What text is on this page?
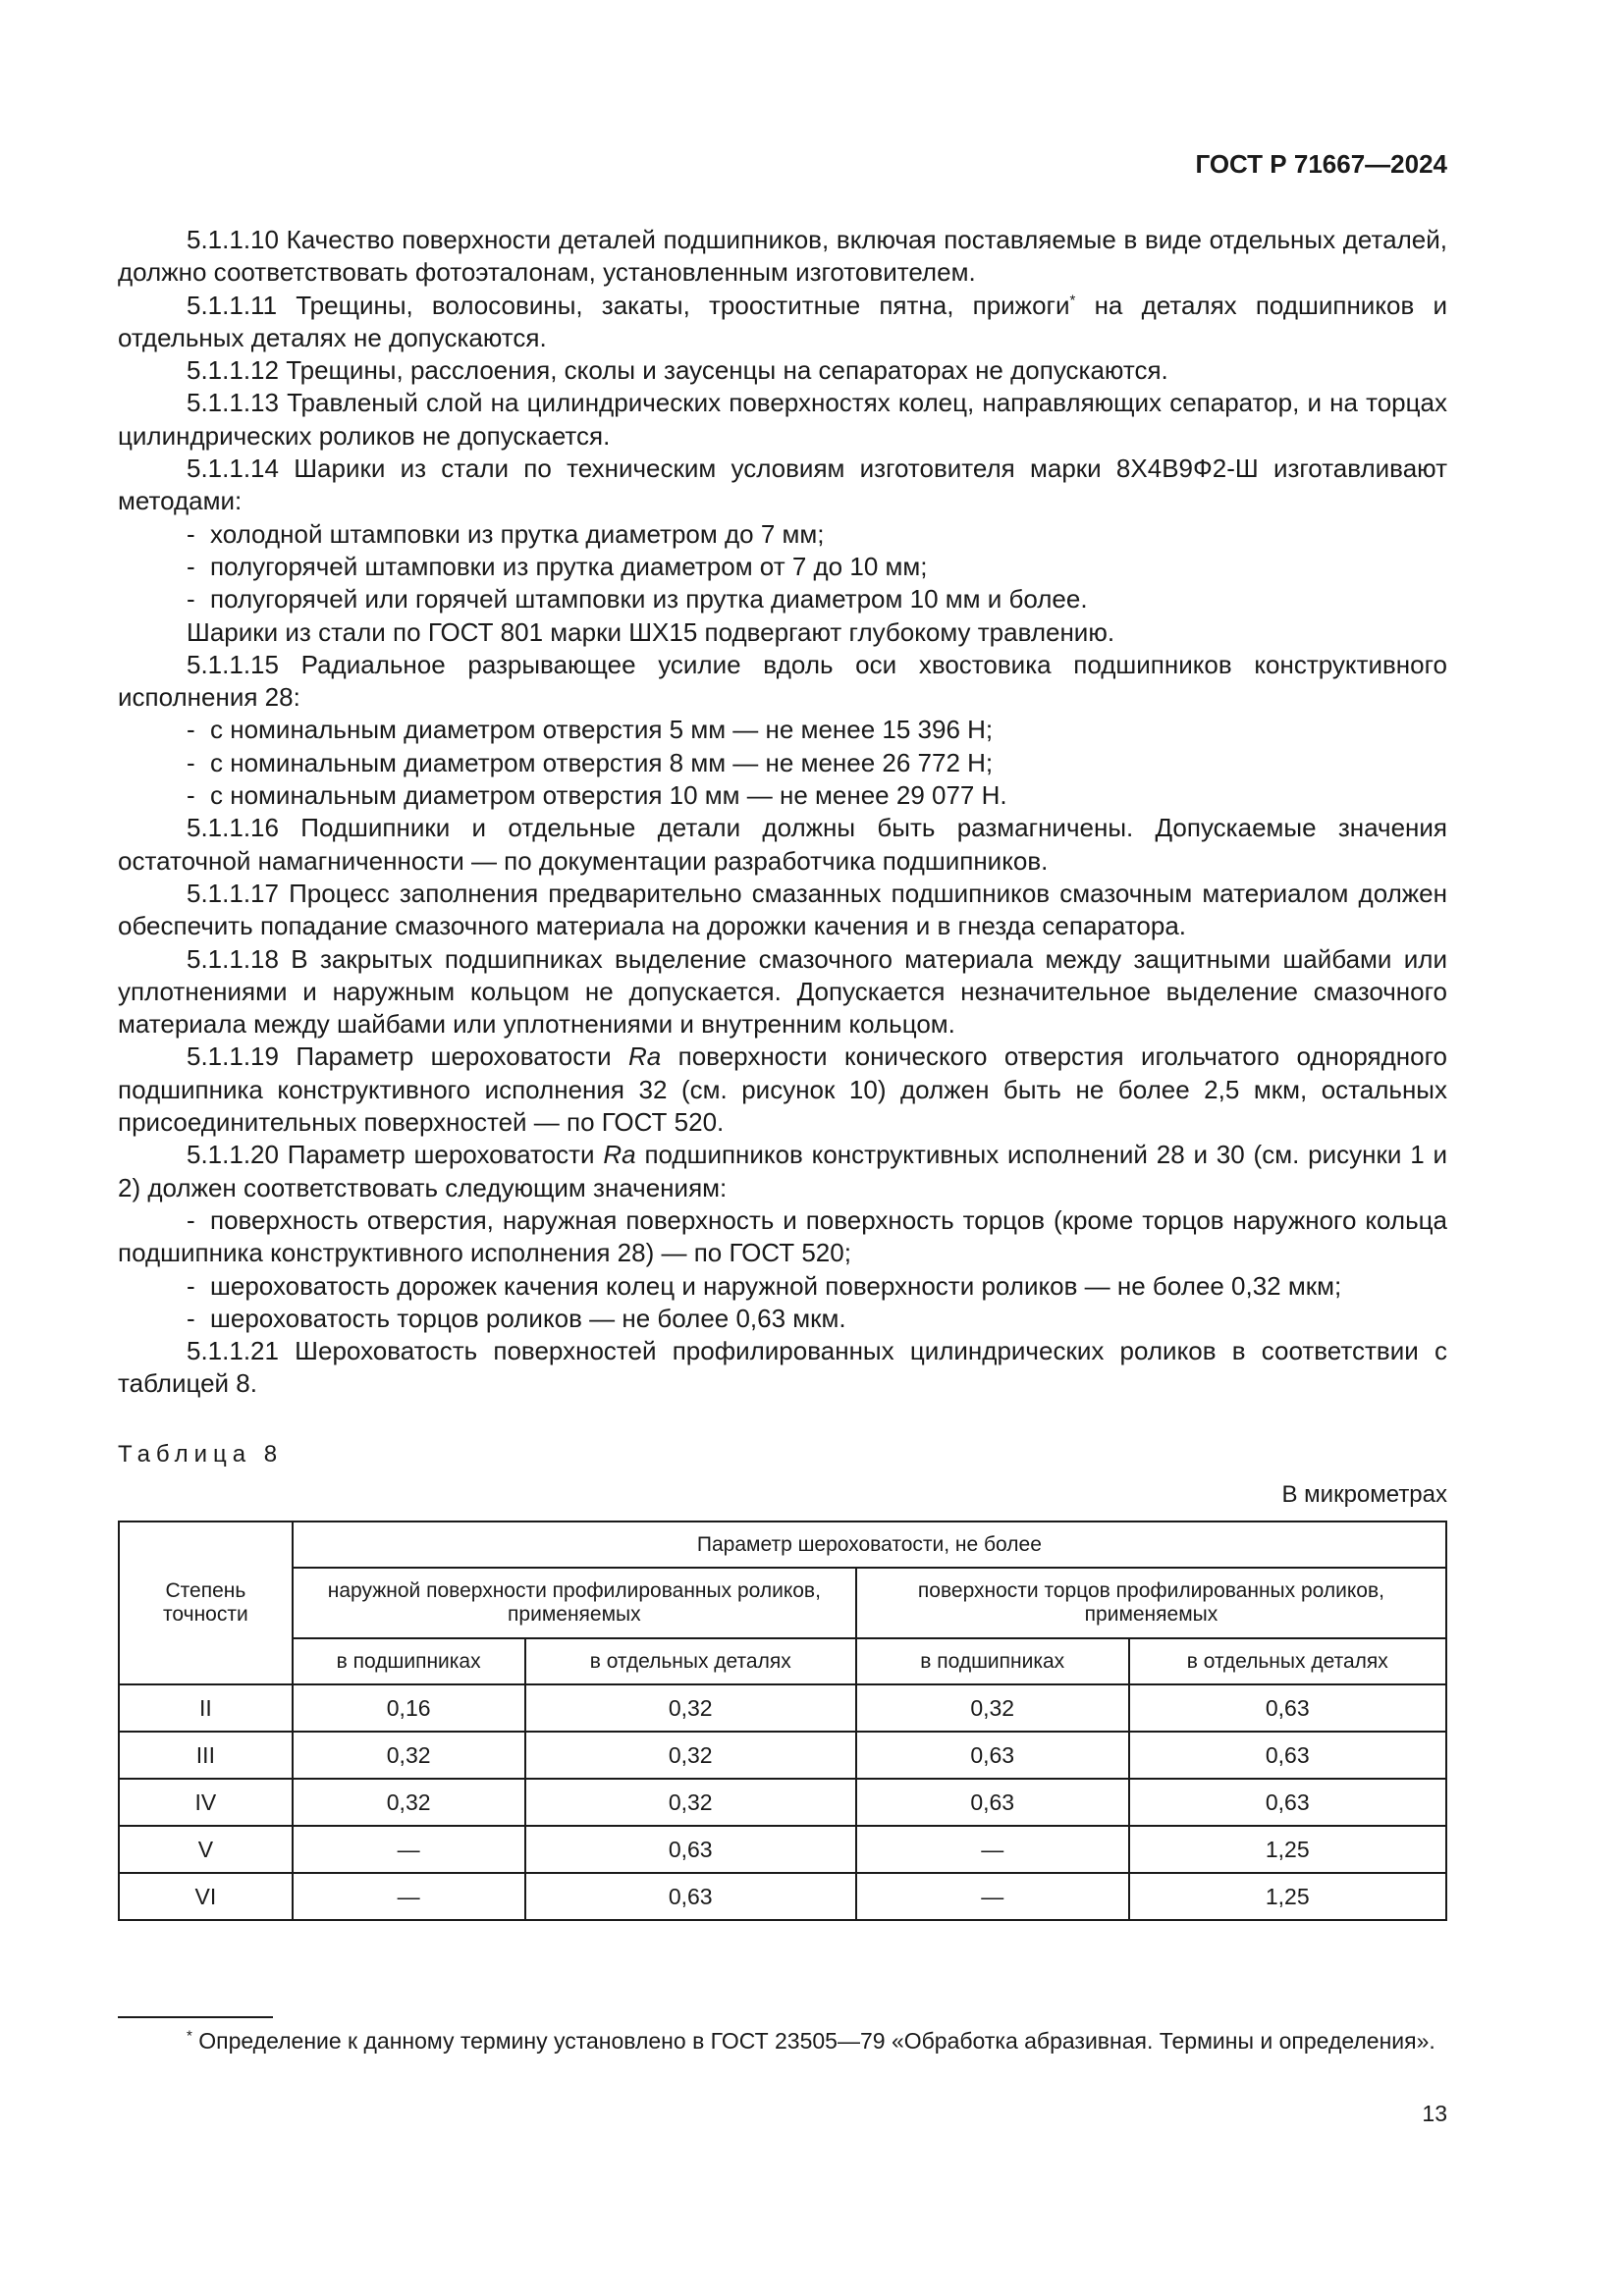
ГОСТ Р 71667—2024

5.1.1.10 Качество поверхности деталей подшипников, включая поставляемые в виде отдельных деталей, должно соответствовать фотоэталонам, установленным изготовителем.

5.1.1.11 Трещины, волосовины, закаты, трооститные пятна, прижоги* на деталях подшипников и отдельных деталях не допускаются.

5.1.1.12 Трещины, расслоения, сколы и заусенцы на сепараторах не допускаются.

5.1.1.13 Травленый слой на цилиндрических поверхностях колец, направляющих сепаратор, и на торцах цилиндрических роликов не допускается.

5.1.1.14 Шарики из стали по техническим условиям изготовителя марки 8Х4В9Ф2-Ш изготавливают методами:

- холодной штамповки из прутка диаметром до 7 мм;

- полугорячей штамповки из прутка диаметром от 7 до 10 мм;

- полугорячей или горячей штамповки из прутка диаметром 10 мм и более.

Шарики из стали по ГОСТ 801 марки ШХ15 подвергают глубокому травлению.

5.1.1.15 Радиальное разрывающее усилие вдоль оси хвостовика подшипников конструктивного исполнения 28:

- с номинальным диаметром отверстия 5 мм — не менее 15 396 Н;

- с номинальным диаметром отверстия 8 мм — не менее 26 772 Н;

- с номинальным диаметром отверстия 10 мм — не менее 29 077 Н.

5.1.1.16 Подшипники и отдельные детали должны быть размагничены. Допускаемые значения остаточной намагниченности — по документации разработчика подшипников.

5.1.1.17 Процесс заполнения предварительно смазанных подшипников смазочным материалом должен обеспечить попадание смазочного материала на дорожки качения и в гнезда сепаратора.

5.1.1.18 В закрытых подшипниках выделение смазочного материала между защитными шайбами или уплотнениями и наружным кольцом не допускается. Допускается незначительное выделение смазочного материала между шайбами или уплотнениями и внутренним кольцом.

5.1.1.19 Параметр шероховатости Ra поверхности конического отверстия игольчатого однорядного подшипника конструктивного исполнения 32 (см. рисунок 10) должен быть не более 2,5 мкм, остальных присоединительных поверхностей — по ГОСТ 520.

5.1.1.20 Параметр шероховатости Ra подшипников конструктивных исполнений 28 и 30 (см. рисунки 1 и 2) должен соответствовать следующим значениям:

- поверхность отверстия, наружная поверхность и поверхность торцов (кроме торцов наружного кольца подшипника конструктивного исполнения 28) — по ГОСТ 520;

- шероховатость дорожек качения колец и наружной поверхности роликов — не более 0,32 мкм;

- шероховатость торцов роликов — не более 0,63 мкм.

5.1.1.21 Шероховатость поверхностей профилированных цилиндрических роликов в соответствии с таблицей 8.

Таблица 8

В микрометрах

Степень точности	Параметр шероховатости, не более			
	наружной поверхности профилированных роликов, применяемых		поверхности торцов профилированных роликов, применяемых	
	в подшипниках	в отдельных деталях	в подшипниках	в отдельных деталях
II	0,16	0,32	0,32	0,63
III	0,32	0,32	0,63	0,63
IV	0,32	0,32	0,63	0,63
V	—	0,63	—	1,25
VI	—	0,63	—	1,25

* Определение к данному термину установлено в ГОСТ 23505—79 «Обработка абразивная. Термины и определения».

13
